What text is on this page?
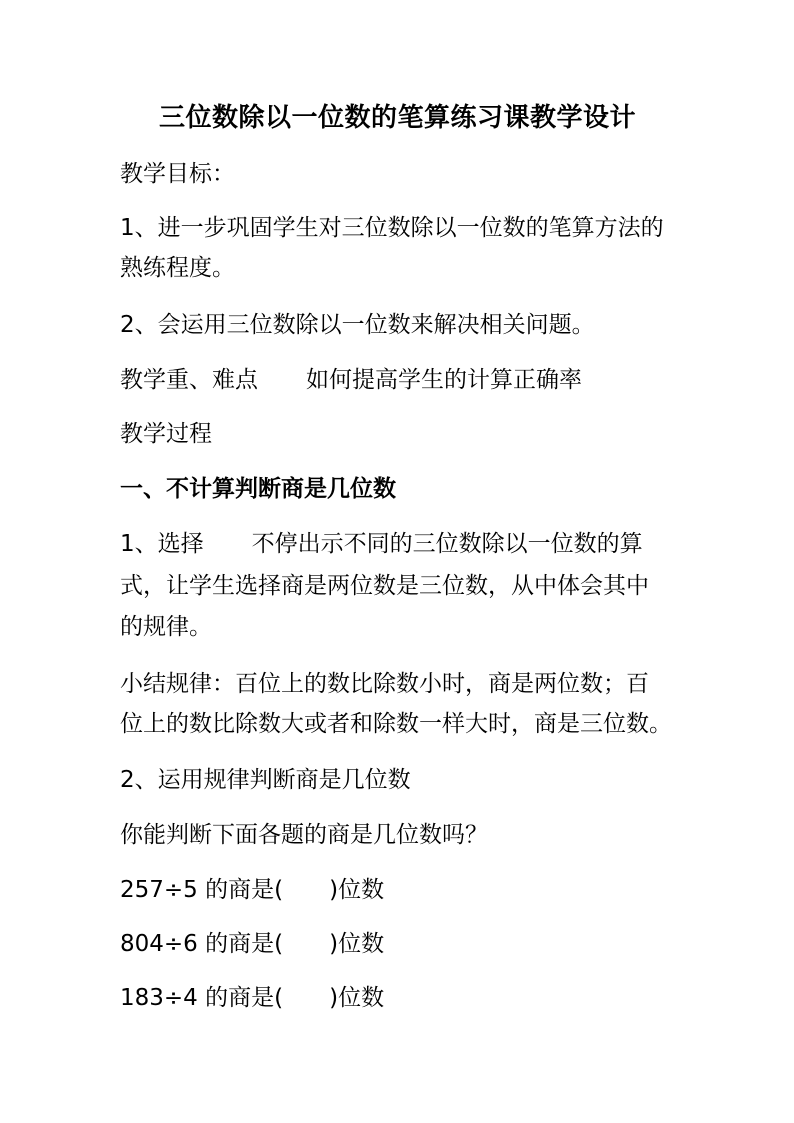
三位数除以一位数的笔算练习课教学设计
教学目标：
1、进一步巩固学生对三位数除以一位数的笔算方法的
熟练程度。
2、会运用三位数除以一位数来解决相关问题。
教学重、难点 如何提高学生的计算正确率
教学过程
一、不计算判断商是几位数
1、选择 不停出示不同的三位数除以一位数的算
式，让学生选择商是两位数是三位数，从中体会其中
的规律。
小结规律：百位上的数比除数小时，商是两位数；百
位上的数比除数大或者和除数一样大时，商是三位数。
2、运用规律判断商是几位数
你能判断下面各题的商是几位数吗？
257÷5 的商是( )位数
804÷6 的商是( )位数
183÷4 的商是( )位数
